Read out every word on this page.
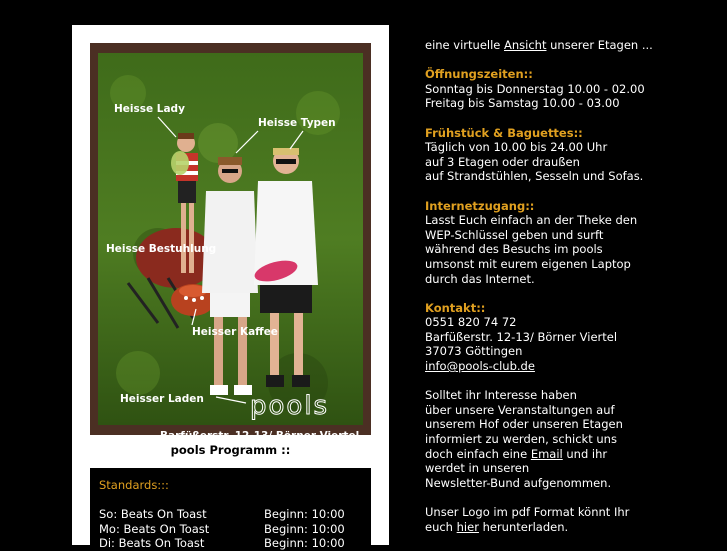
Heisse Lady
Heisse Typen
Heisse Bestuhlung
Heisser Kaffee
Heisser Laden pools
Barfüßerstr. 12-13/ Börner-Viertel
pools Programm ::
Standards:::
So: Beats On Toast	Beginn: 10:00
Mo: Beats On Toast	Beginn: 10:00
Di: Beats On Toast	Beginn: 10:00
eine virtuelle Ansicht unserer Etagen ...
Öffnungszeiten::
Sonntag bis Donnerstag 10.00 - 02.00
Freitag bis Samstag 10.00 - 03.00
Frühstück & Baguettes::
Täglich von 10.00 bis 24.00 Uhr
auf 3 Etagen oder draußen
auf Strandstühlen, Sesseln und Sofas.
Internetzugang::
Lasst Euch einfach an der Theke den
WEP-Schlüssel geben und surft
während des Besuchs im pools
umsonst mit eurem eigenen Laptop
durch das Internet.
Kontakt::
0551 820 74 72
Barfüßerstr. 12-13/ Börner Viertel
37073 Göttingen
info@pools-club.de
Solltet ihr Interesse haben
über unsere Veranstaltungen auf
unserem Hof oder unseren Etagen
informiert zu werden, schickt uns
doch einfach eine Email und ihr
werdet in unseren
Newsletter-Bund aufgenommen.
Unser Logo im pdf Format könnt Ihr
euch hier herunterladen.
